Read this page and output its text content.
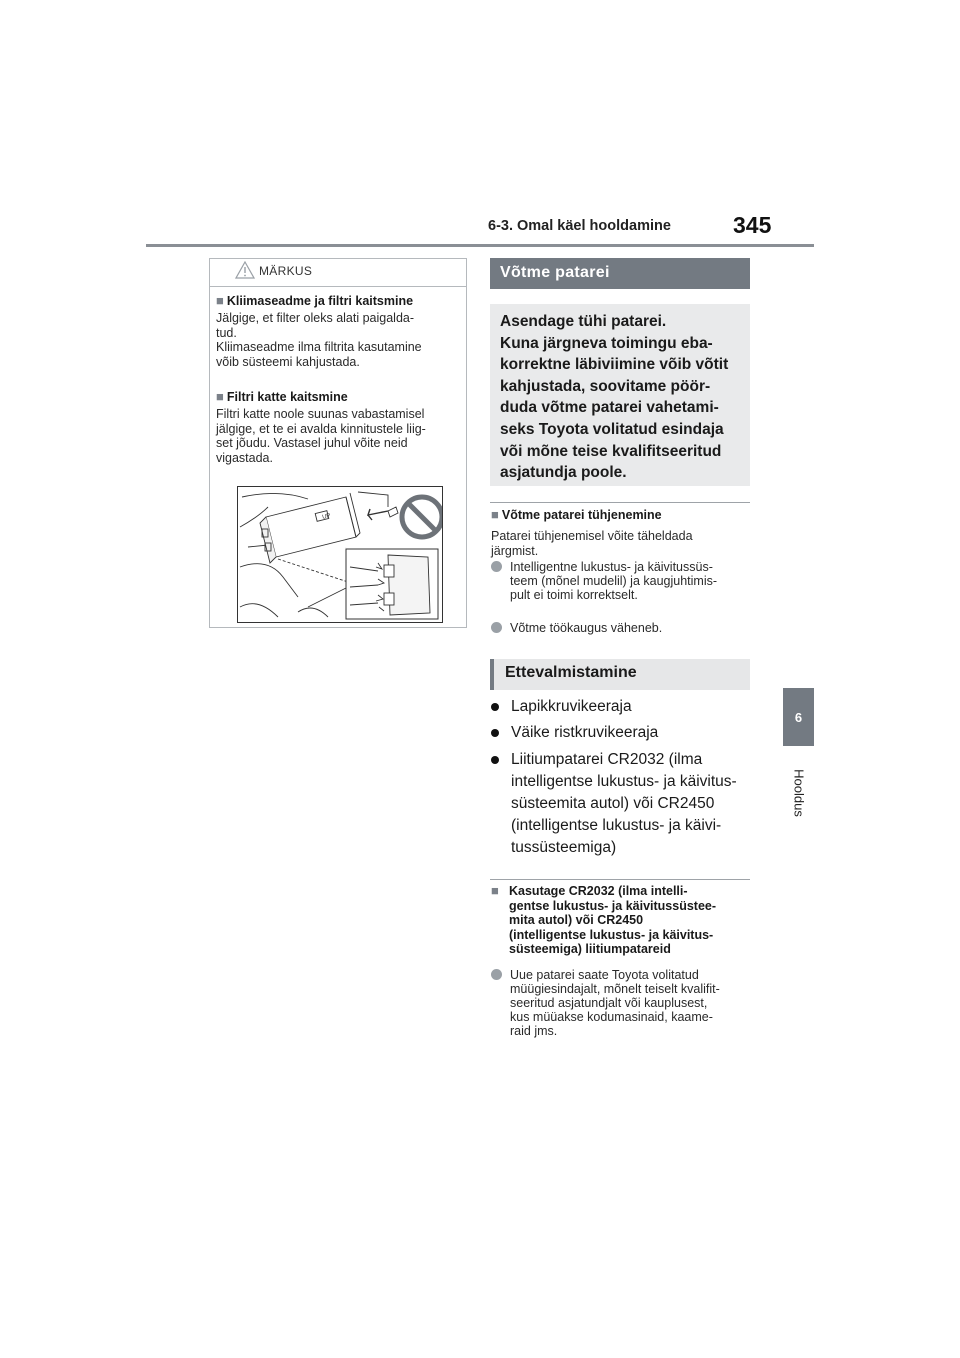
6-3. Omal käel hooldamine	345
6
Hooldus
MÄRKUS
■ Kliimaseadme ja filtri kaitsmine
Jälgige, et filter oleks alati paigalda-
tud.
Kliimaseadme ilma filtrita kasutamine
võib süsteemi kahjustada.
■ Filtri katte kaitsmine
Filtri katte noole suunas vabastamisel
jälgige, et te ei avalda kinnitustele liig-
set jõudu. Vastasel juhul võite neid
vigastada.
UP
Võtme patarei
Asendage tühi patarei.
Kuna järgneva toimingu eba-
korrektne läbiviimine võib võtit
kahjustada, soovitame pöör-
duda võtme patarei vahetami-
seks Toyota volitatud esindaja
või mõne teise kvalifitseeritud
asjatundja poole.
■ Võtme patarei tühjenemine
Patarei tühjenemisel võite täheldada
järgmist.
Intelligentne lukustus- ja käivitussüs-
teem (mõnel mudelil) ja kaugjuhtimis-
pult ei toimi korrektselt.
Võtme töökaugus väheneb.
Ettevalmistamine
Lapikkruvikeeraja
Väike ristkruvikeeraja
Liitiumpatarei CR2032 (ilma
intelligentse lukustus- ja käivitus-
süsteemita autol) või CR2450
(intelligentse lukustus- ja käivi-
tussüsteemiga)
■ Kasutage CR2032 (ilma intelli-
gentse lukustus- ja käivitussüstee-
mita autol) või CR2450
(intelligentse lukustus- ja käivitus-
süsteemiga) liitiumpatareid
Uue patarei saate Toyota volitatud
müügiesindajalt, mõnelt teiselt kvalifit-
seeritud asjatundjalt või kauplusest,
kus müüakse kodumasinaid, kaame-
raid jms.
